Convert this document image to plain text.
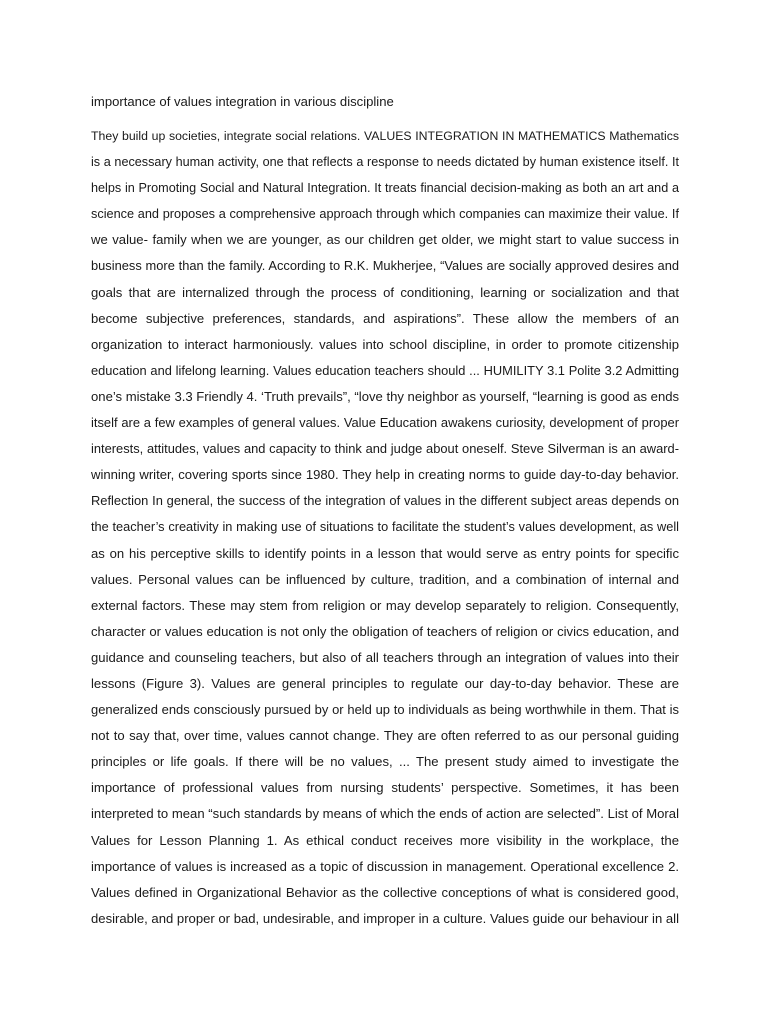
importance of values integration in various discipline

They build up societies, integrate social relations. VALUES INTEGRATION IN MATHEMATICS Mathematics
is a necessary human activity, one that reflects a response to needs dictated by human existence itself. It
helps in Promoting Social and Natural Integration. It treats financial decision-making as both an art and a
science and proposes a comprehensive approach through which companies can maximize their value. If
we value- family when we are younger, as our children get older, we might start to value success in
business more than the family. According to R.K. Mukherjee, “Values are socially approved desires and
goals that are internalized through the process of conditioning, learning or socialization and that
become subjective preferences, standards, and aspirations”. These allow the members of an
organization to interact harmoniously. values into school discipline, in order to promote citizenship
education and lifelong learning. Values education teachers should ... HUMILITY 3.1 Polite 3.2 Admitting
one’s mistake 3.3 Friendly 4. ‘Truth prevails”, “love thy neighbor as yourself, “learning is good as ends
itself are a few examples of general values. Value Education awakens curiosity, development of proper
interests, attitudes, values and capacity to think and judge about oneself. Steve Silverman is an award-
winning writer, covering sports since 1980. They help in creating norms to guide day-to-day behavior.
Reflection In general, the success of the integration of values in the different subject areas depends on
the teacher’s creativity in making use of situations to facilitate the student’s values development, as well
as on his perceptive skills to identify points in a lesson that would serve as entry points for specific
values. Personal values can be influenced by culture, tradition, and a combination of internal and
external factors. These may stem from religion or may develop separately to religion. Consequently,
character or values education is not only the obligation of teachers of religion or civics education, and
guidance and counseling teachers, but also of all teachers through an integration of values into their
lessons (Figure 3). Values are general principles to regulate our day-to-day behavior. These are
generalized ends consciously pursued by or held up to individuals as being worthwhile in them. That is
not to say that, over time, values cannot change. They are often referred to as our personal guiding
principles or life goals. If there will be no values, ... The present study aimed to investigate the
importance of professional values from nursing students’ perspective. Sometimes, it has been
interpreted to mean “such standards by means of which the ends of action are selected”. List of Moral
Values for Lesson Planning 1. As ethical conduct receives more visibility in the workplace, the
importance of values is increased as a topic of discussion in management. Operational excellence 2.
Values defined in Organizational Behavior as the collective conceptions of what is considered good,
desirable, and proper or bad, undesirable, and improper in a culture. Values guide our behaviour in all
